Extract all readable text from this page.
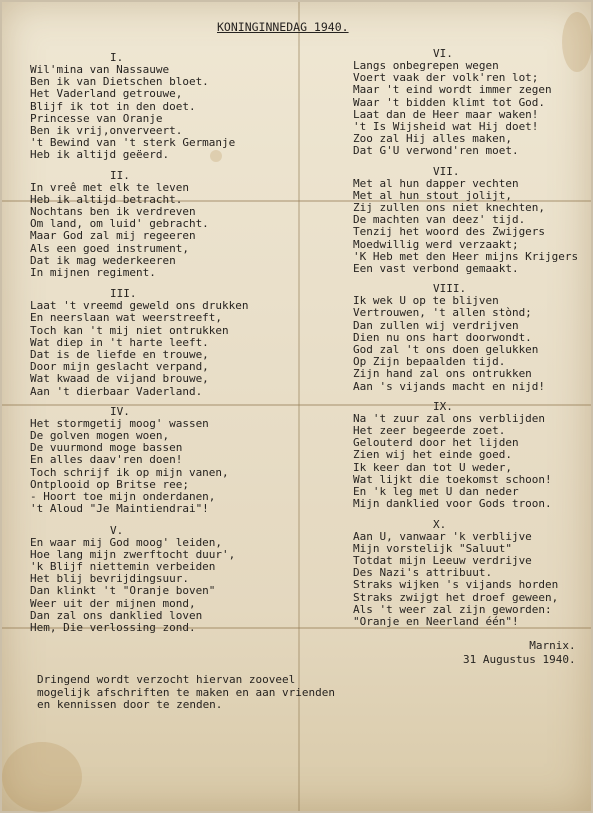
KONINGINNEDAG 1940.
I.
Wil'mina van Nassauwe
Ben ik van Dietschen bloet.
Het Vaderland getrouwe,
Blijf ik tot in den doet.
Princesse van Oranje
Ben ik vrij,onverveert.
't Bewind van 't sterk Germanje
Heb ik altijd geëerd.
II.
In vreê met elk te leven
Heb ik altijd betracht.
Nochtans ben ik verdreven
Om land, om luid' gebracht.
Maar God zal mij regeeren
Als een goed instrument,
Dat ik mag wederkeeren
In mijnen regiment.
III.
Laat 't vreemd geweld ons drukken
En neerslaan wat weerstreeft,
Toch kan 't mij niet ontrukken
Wat diep in 't harte leeft.
Dat is de liefde en trouwe,
Door mijn geslacht verpand,
Wat kwaad de vijand brouwe,
Aan 't dierbaar Vaderland.
IV.
Het stormgetij moog' wassen
De golven mogen woen,
De vuurmond moge bassen
En alles daav'ren doen!
Toch schrijf ik op mijn vanen,
Ontplooid op Britse ree;
- Hoort toe mijn onderdanen,
't Aloud "Je Maintiendrai"!
V.
En waar mij God moog' leiden,
Hoe lang mijn zwerftocht duur',
'k Blijf niettemin verbeiden
Het blij bevrijdingsuur.
Dan klinkt 't "Oranje boven"
Weer uit der mijnen mond,
Dan zal ons danklied loven
Hem, Die verlossing zond.
VI.
Langs onbegrepen wegen
Voert vaak der volk'ren lot;
Maar 't eind wordt immer zegen
Waar 't bidden klimt tot God.
Laat dan de Heer maar waken!
't Is Wijsheid wat Hij doet!
Zoo zal Hij alles maken,
Dat G'U verwond'ren moet.
VII.
Met al hun dapper vechten
Met al hun stout jolijt,
Zij zullen ons niet knechten,
De machten van deez' tijd.
Tenzij het woord des Zwijgers
Moedwillig werd verzaakt;
'K Heb met den Heer mijns Krijgers
Een vast verbond gemaakt.
VIII.
Ik wek U op te blijven
Vertrouwen, 't allen stònd;
Dan zullen wij verdrijven
Dien nu ons hart doorwondt.
God zal 't ons doen gelukken
Op Zijn bepaalden tijd.
Zijn hand zal ons ontrukken
Aan 's vijands macht en nijd!
IX.
Na 't zuur zal ons verblijden
Het zeer begeerde zoet.
Gelouterd door het lijden
Zien wij het einde goed.
Ik keer dan tot U weder,
Wat lijkt die toekomst schoon!
En 'k leg met U dan neder
Mijn danklied voor Gods troon.
X.
Aan U, vanwaar 'k verblijve
Mijn vorstelijk "Saluut"
Totdat mijn Leeuw verdrijve
Des Nazi's attribuut.
Straks wijken 's vijands horden
Straks zwijgt het droef geween,
Als 't weer zal zijn geworden:
"Oranje en Neerland één"!
Marnix.
31 Augustus 1940.
Dringend wordt verzocht hiervan zooveel
mogelijk afschriften te maken en aan vrienden
en kennissen door te zenden.
